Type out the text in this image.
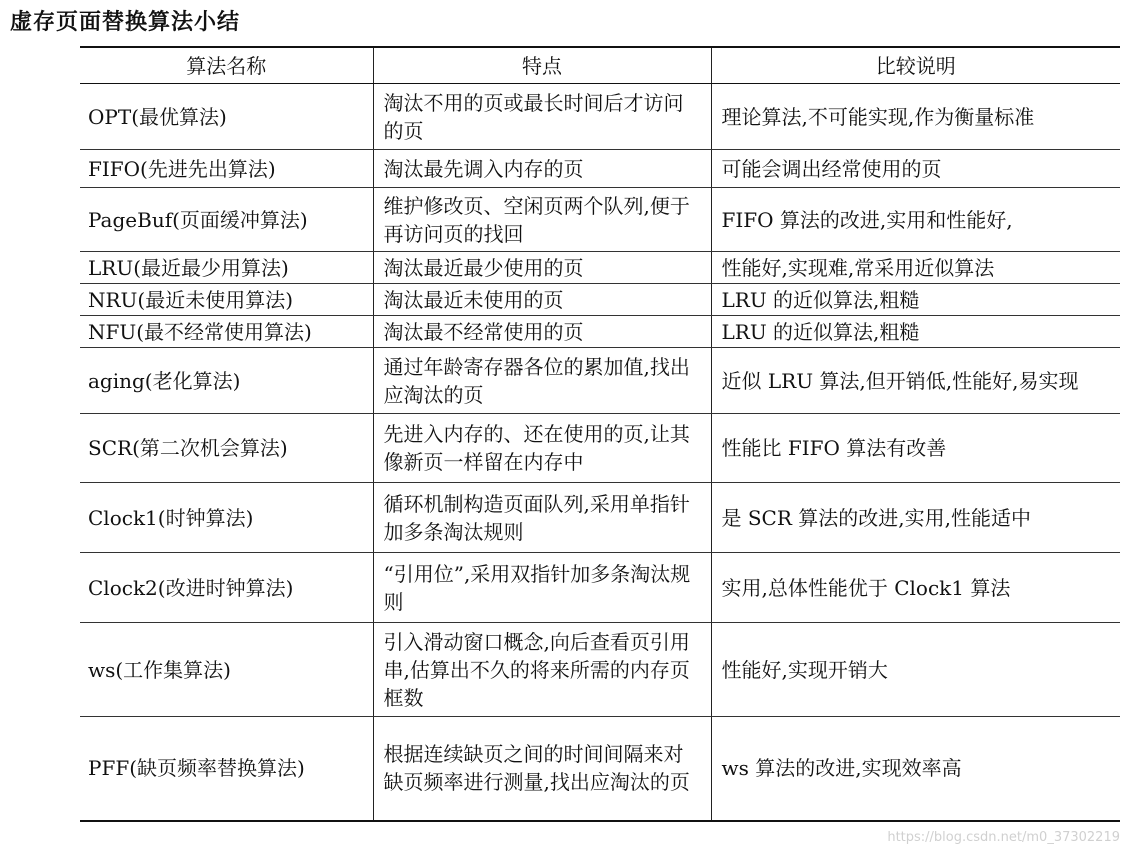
虚存页面替换算法小结
算法名称	特点	比较说明
OPT(最优算法)	淘汰不用的页或最长时间后才访问的页	理论算法,不可能实现,作为衡量标准
FIFO(先进先出算法)	淘汰最先调入内存的页	可能会调出经常使用的页
PageBuf(页面缓冲算法)	维护修改页、空闲页两个队列,便于再访问页的找回	FIFO 算法的改进,实用和性能好,
LRU(最近最少用算法)	淘汰最近最少使用的页	性能好,实现难,常采用近似算法
NRU(最近未使用算法)	淘汰最近未使用的页	LRU 的近似算法,粗糙
NFU(最不经常使用算法)	淘汰最不经常使用的页	LRU 的近似算法,粗糙
aging(老化算法)	通过年龄寄存器各位的累加值,找出应淘汰的页	近似 LRU 算法,但开销低,性能好,易实现
SCR(第二次机会算法)	先进入内存的、还在使用的页,让其像新页一样留在内存中	性能比 FIFO 算法有改善
Clock1(时钟算法)	循环机制构造页面队列,采用单指针加多条淘汰规则	是 SCR 算法的改进,实用,性能适中
Clock2(改进时钟算法)	“引用位”,采用双指针加多条淘汰规则	实用,总体性能优于 Clock1 算法
ws(工作集算法)	引入滑动窗口概念,向后查看页引用串,估算出不久的将来所需的内存页框数	性能好,实现开销大
PFF(缺页频率替换算法)	根据连续缺页之间的时间间隔来对缺页频率进行测量,找出应淘汰的页	ws 算法的改进,实现效率高
https://blog.csdn.net/m0_37302219
